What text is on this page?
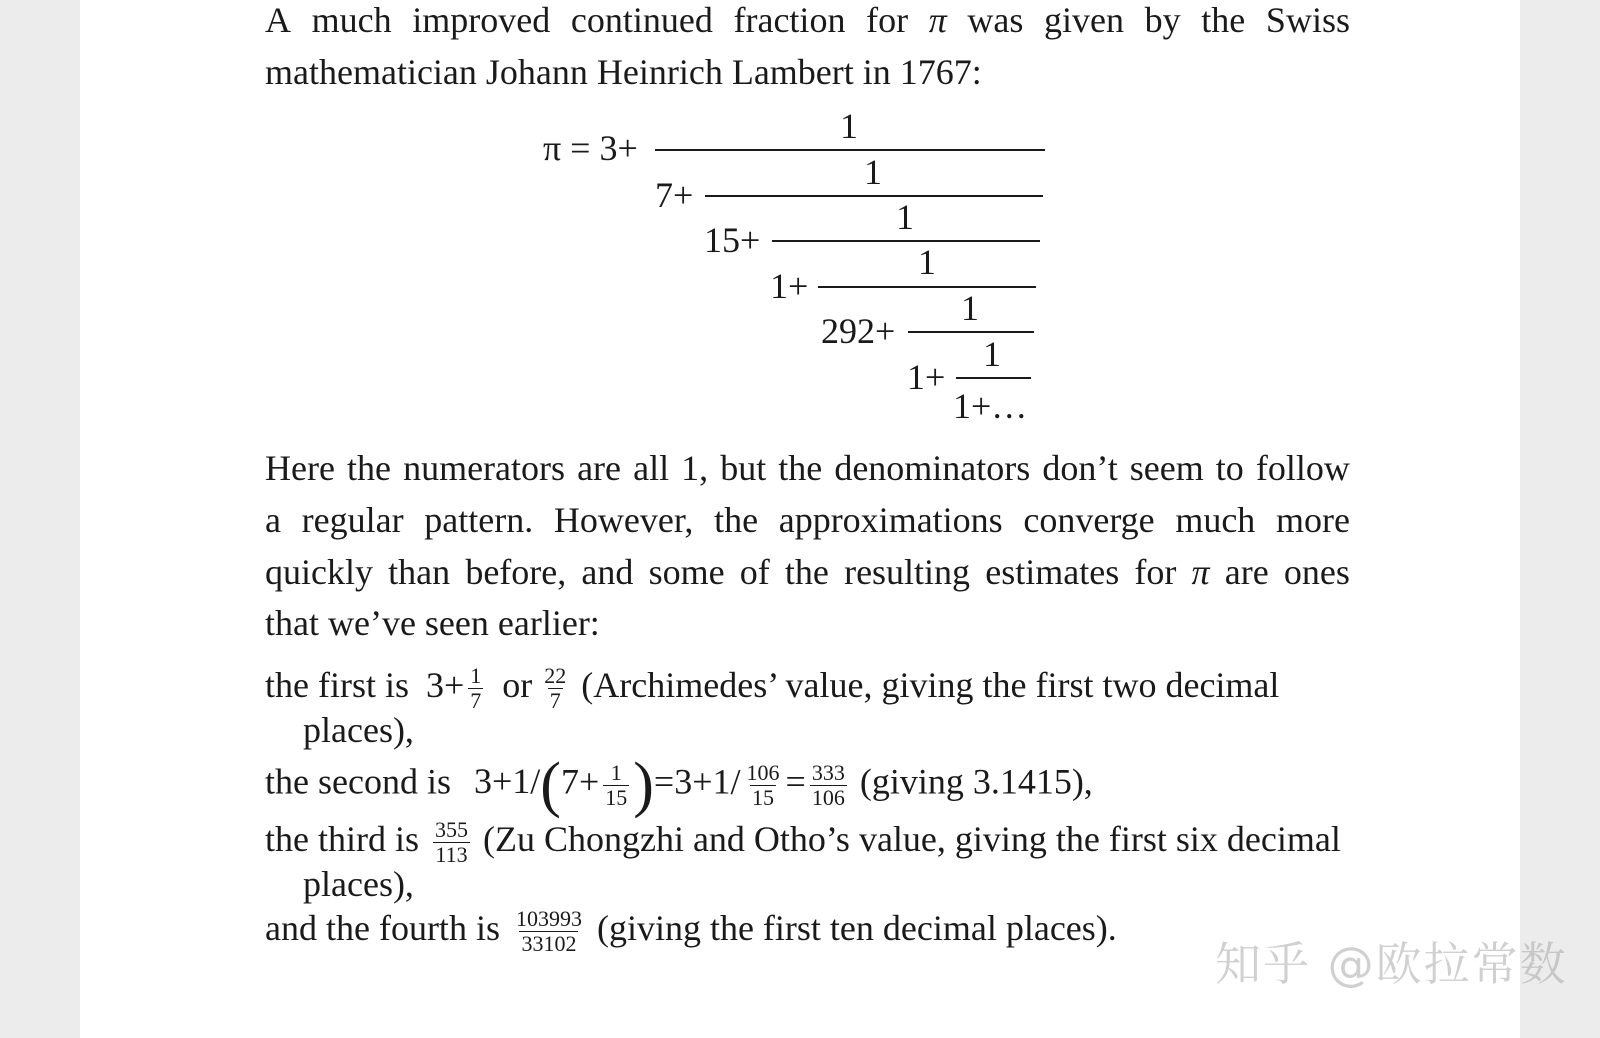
A much improved continued fraction for π was given by the Swiss
mathematician Johann Heinrich Lambert in 1767:
π = 3+
1
7+
1
15+
1
1+
1
292+
1
1+
1
1+…
Here the numerators are all 1, but the denominators don’t seem to follow
a regular pattern. However, the approximations converge much more
quickly than before, and some of the resulting estimates for π are ones
that we’ve seen earlier:
the first is $3+ \frac{1}{7}$ or $\frac{22}{7}$ (Archimedes’ value, giving the first two decimal
places),
the second is $3+1/(7+ \frac{1}{15} )=3+1/ \frac{106}{15} = \frac{333}{106}$ (giving 3.1415),
the third is $\frac{355}{113} (Zu$ Chongzhi and Otho’s value, giving the first six decimal
places),
and the fourth is $\frac{103993}{33102}$ (giving the first ten decimal places).
知乎 @欧拉常数
